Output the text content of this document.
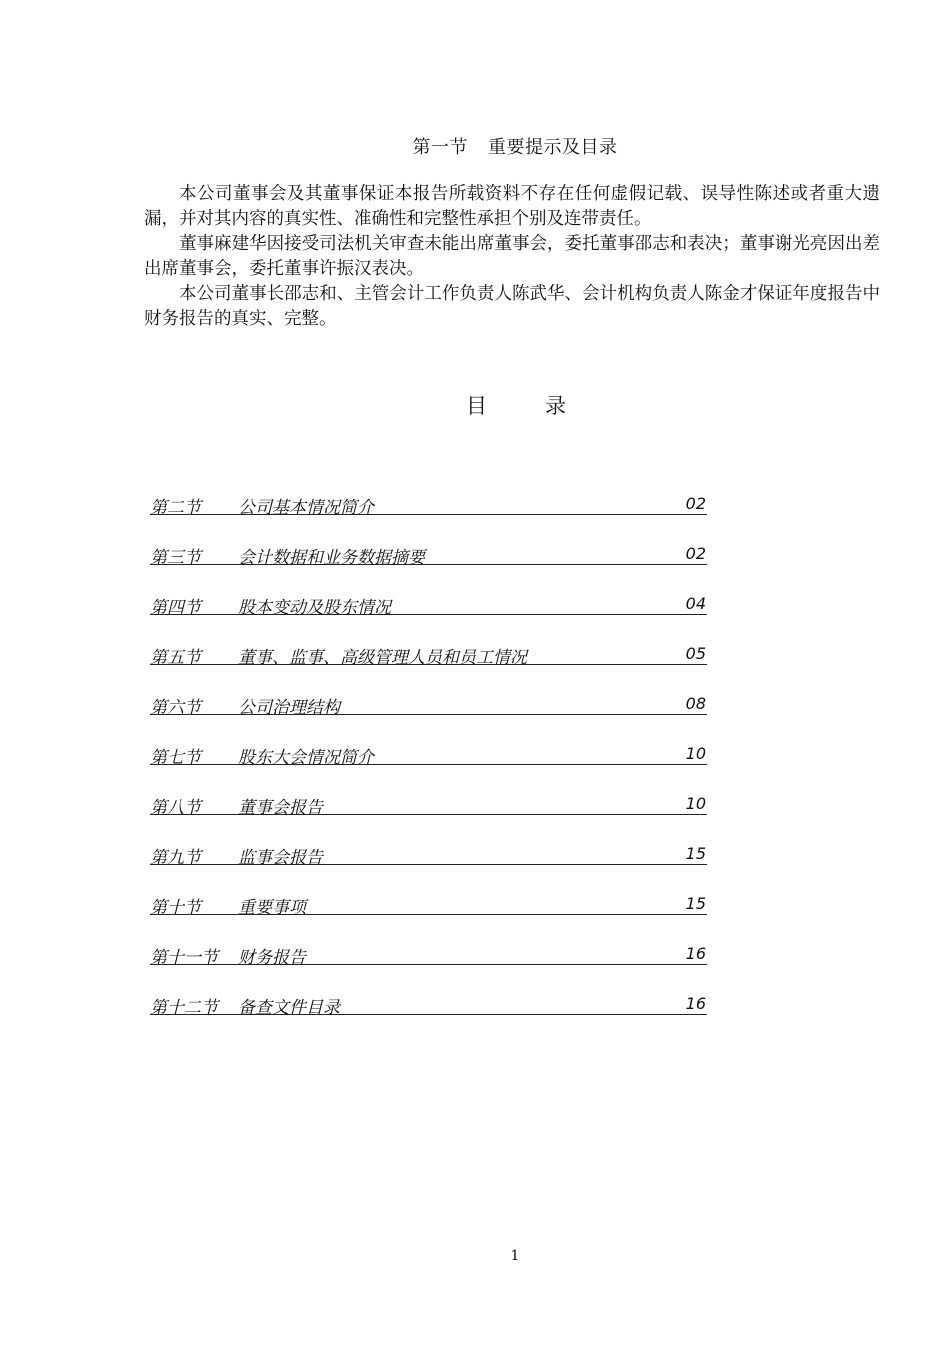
第一节 重要提示及目录

本公司董事会及其董事保证本报告所载资料不存在任何虚假记载、误导性陈述或者重大遗漏，并对其内容的真实性、准确性和完整性承担个别及连带责任。

董事麻建华因接受司法机关审查未能出席董事会，委托董事邵志和表决；董事谢光亮因出差出席董事会，委托董事许振汉表决。

本公司董事长邵志和、主管会计工作负责人陈武华、会计机构负责人陈金才保证年度报告中财务报告的真实、完整。

目	录
第二节 公司基本情况简介	02
第三节 会计数据和业务数据摘要	02
第四节 股本变动及股东情况	04
第五节 董事、监事、高级管理人员和员工情况	05
第六节 公司治理结构	08
第七节 股东大会情况简介	10
第八节 董事会报告	10
第九节 监事会报告	15
第十节 重要事项	15
第十一节 财务报告	16
第十二节 备查文件目录	16
1
